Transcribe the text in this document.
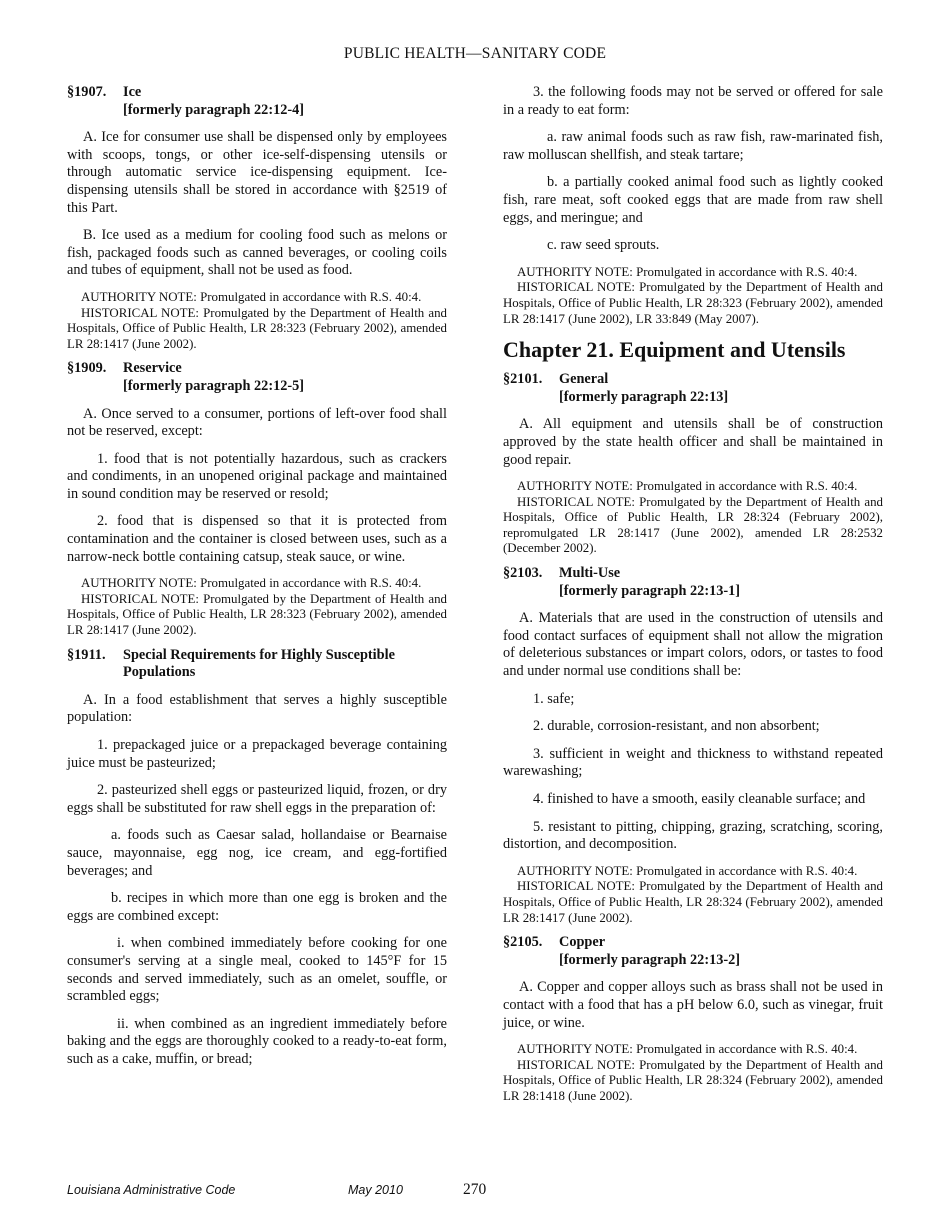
PUBLIC HEALTH—SANITARY CODE
§1907.	Ice
[formerly paragraph 22:12-4]

A. Ice for consumer use shall be dispensed only by employees with scoops, tongs, or other ice-self-dispensing utensils or through automatic service ice-dispensing equipment. Ice-dispensing utensils shall be stored in accordance with §2519 of this Part.

B. Ice used as a medium for cooling food such as melons or fish, packaged foods such as canned beverages, or cooling coils and tubes of equipment, shall not be used as food.

AUTHORITY NOTE: Promulgated in accordance with R.S. 40:4.

HISTORICAL NOTE: Promulgated by the Department of Health and Hospitals, Office of Public Health, LR 28:323 (February 2002), amended LR 28:1417 (June 2002).

§1909.	Reservice
[formerly paragraph 22:12-5]

A. Once served to a consumer, portions of left-over food shall not be reserved, except:

1. food that is not potentially hazardous, such as crackers and condiments, in an unopened original package and maintained in sound condition may be reserved or resold;

2. food that is dispensed so that it is protected from contamination and the container is closed between uses, such as a narrow-neck bottle containing catsup, steak sauce, or wine.

AUTHORITY NOTE: Promulgated in accordance with R.S. 40:4.

HISTORICAL NOTE: Promulgated by the Department of Health and Hospitals, Office of Public Health, LR 28:323 (February 2002), amended LR 28:1417 (June 2002).

§1911.	Special Requirements for Highly Susceptible Populations

A. In a food establishment that serves a highly susceptible population:

1. prepackaged juice or a prepackaged beverage containing juice must be pasteurized;

2. pasteurized shell eggs or pasteurized liquid, frozen, or dry eggs shall be substituted for raw shell eggs in the preparation of:

a. foods such as Caesar salad, hollandaise or Bearnaise sauce, mayonnaise, egg nog, ice cream, and egg-fortified beverages; and

b. recipes in which more than one egg is broken and the eggs are combined except:

i. when combined immediately before cooking for one consumer's serving at a single meal, cooked to 145°F for 15 seconds and served immediately, such as an omelet, souffle, or scrambled eggs;

ii. when combined as an ingredient immediately before baking and the eggs are thoroughly cooked to a ready-to-eat form, such as a cake, muffin, or bread;

3. the following foods may not be served or offered for sale in a ready to eat form:

a. raw animal foods such as raw fish, raw-marinated fish, raw molluscan shellfish, and steak tartare;

b. a partially cooked animal food such as lightly cooked fish, rare meat, soft cooked eggs that are made from raw shell eggs, and meringue; and

c. raw seed sprouts.

AUTHORITY NOTE: Promulgated in accordance with R.S. 40:4.

HISTORICAL NOTE: Promulgated by the Department of Health and Hospitals, Office of Public Health, LR 28:323 (February 2002), amended LR 28:1417 (June 2002), LR 33:849 (May 2007).

Chapter 21. Equipment and Utensils
§2101.	General
[formerly paragraph 22:13]

A. All equipment and utensils shall be of construction approved by the state health officer and shall be maintained in good repair.

AUTHORITY NOTE: Promulgated in accordance with R.S. 40:4.

HISTORICAL NOTE: Promulgated by the Department of Health and Hospitals, Office of Public Health, LR 28:324 (February 2002), repromulgated LR 28:1417 (June 2002), amended LR 28:2532 (December 2002).

§2103.	Multi-Use
[formerly paragraph 22:13-1]

A. Materials that are used in the construction of utensils and food contact surfaces of equipment shall not allow the migration of deleterious substances or impart colors, odors, or tastes to food and under normal use conditions shall be:

1. safe;

2. durable, corrosion-resistant, and non absorbent;

3. sufficient in weight and thickness to withstand repeated warewashing;

4. finished to have a smooth, easily cleanable surface; and

5. resistant to pitting, chipping, grazing, scratching, scoring, distortion, and decomposition.

AUTHORITY NOTE: Promulgated in accordance with R.S. 40:4.

HISTORICAL NOTE: Promulgated by the Department of Health and Hospitals, Office of Public Health, LR 28:324 (February 2002), amended LR 28:1417 (June 2002).

§2105.	Copper
[formerly paragraph 22:13-2]

A. Copper and copper alloys such as brass shall not be used in contact with a food that has a pH below 6.0, such as vinegar, fruit juice, or wine.

AUTHORITY NOTE: Promulgated in accordance with R.S. 40:4.

HISTORICAL NOTE: Promulgated by the Department of Health and Hospitals, Office of Public Health, LR 28:324 (February 2002), amended LR 28:1418 (June 2002).

Louisiana Administrative Code	May 2010	270
